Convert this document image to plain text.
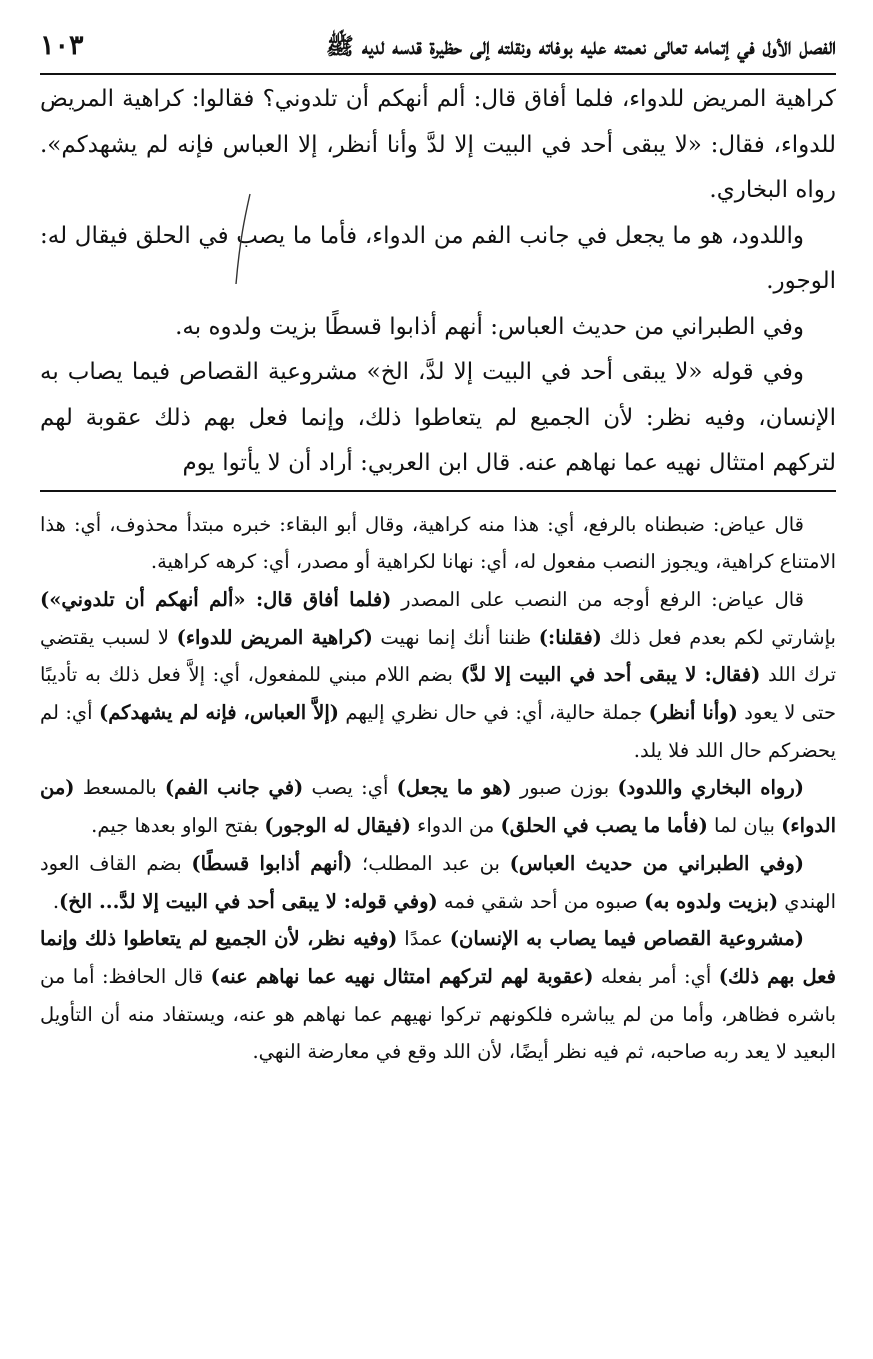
الفصل الأول في إتمامه تعالى نعمته عليه بوفاته ونقلته إلى حظيرة قدسه لديه ﷺ
١٠٣

كراهية المريض للدواء، فلما أفاق قال: ألم أنهكم أن تلدوني؟ فقالوا: كراهية المريض للدواء، فقال: «لا يبقى أحد في البيت إلا لدَّ وأنا أنظر، إلا العباس فإنه لم يشهدكم». رواه البخاري.

واللدود، هو ما يجعل في جانب الفم من الدواء، فأما ما يصب في الحلق فيقال له: الوجور.

وفي الطبراني من حديث العباس: أنهم أذابوا قسطًا بزيت ولدوه به.

وفي قوله «لا يبقى أحد في البيت إلا لدَّ، الخ» مشروعية القصاص فيما يصاب به الإنسان، وفيه نظر: لأن الجميع لم يتعاطوا ذلك، وإنما فعل بهم ذلك عقوبة لهم لتركهم امتثال نهيه عما نهاهم عنه. قال ابن العربي: أراد أن لا يأتوا يوم

قال عياض: ضبطناه بالرفع، أي: هذا منه كراهية، وقال أبو البقاء: خبره مبتدأ محذوف، أي: هذا الامتناع كراهية، ويجوز النصب مفعول له، أي: نهانا لكراهية أو مصدر، أي: كرهه كراهية.

قال عياض: الرفع أوجه من النصب على المصدر (فلما أفاق قال: «ألم أنهكم أن تلدوني») بإشارتي لكم بعدم فعل ذلك (فقلنا:) ظننا أنك إنما نهيت (كراهية المريض للدواء) لا لسبب يقتضي ترك اللد (فقال: لا يبقى أحد في البيت إلا لدَّ) بضم اللام مبني للمفعول، أي: إلاَّ فعل ذلك به تأديبًا حتى لا يعود (وأنا أنظر) جملة حالية، أي: في حال نظري إليهم (إلاَّ العباس، فإنه لم يشهدكم) أي: لم يحضركم حال اللد فلا يلد.

(رواه البخاري واللدود) بوزن صبور (هو ما يجعل) أي: يصب (في جانب الفم) بالمسعط (من الدواء) بيان لما (فأما ما يصب في الحلق) من الدواء (فيقال له الوجور) بفتح الواو بعدها جيم.

(وفي الطبراني من حديث العباس) بن عبد المطلب؛ (أنهم أذابوا قسطًا) بضم القاف العود الهندي (بزيت ولدوه به) صبوه من أحد شقي فمه (وفي قوله: لا يبقى أحد في البيت إلا لدَّ... الخ).

(مشروعية القصاص فيما يصاب به الإنسان) عمدًا (وفيه نظر، لأن الجميع لم يتعاطوا ذلك وإنما فعل بهم ذلك) أي: أمر بفعله (عقوبة لهم لتركهم امتثال نهيه عما نهاهم عنه) قال الحافظ: أما من باشره فظاهر، وأما من لم يباشره فلكونهم تركوا نهيهم عما نهاهم هو عنه، ويستفاد منه أن التأويل البعيد لا يعد ربه صاحبه، ثم فيه نظر أيضًا، لأن اللد وقع في معارضة النهي.
